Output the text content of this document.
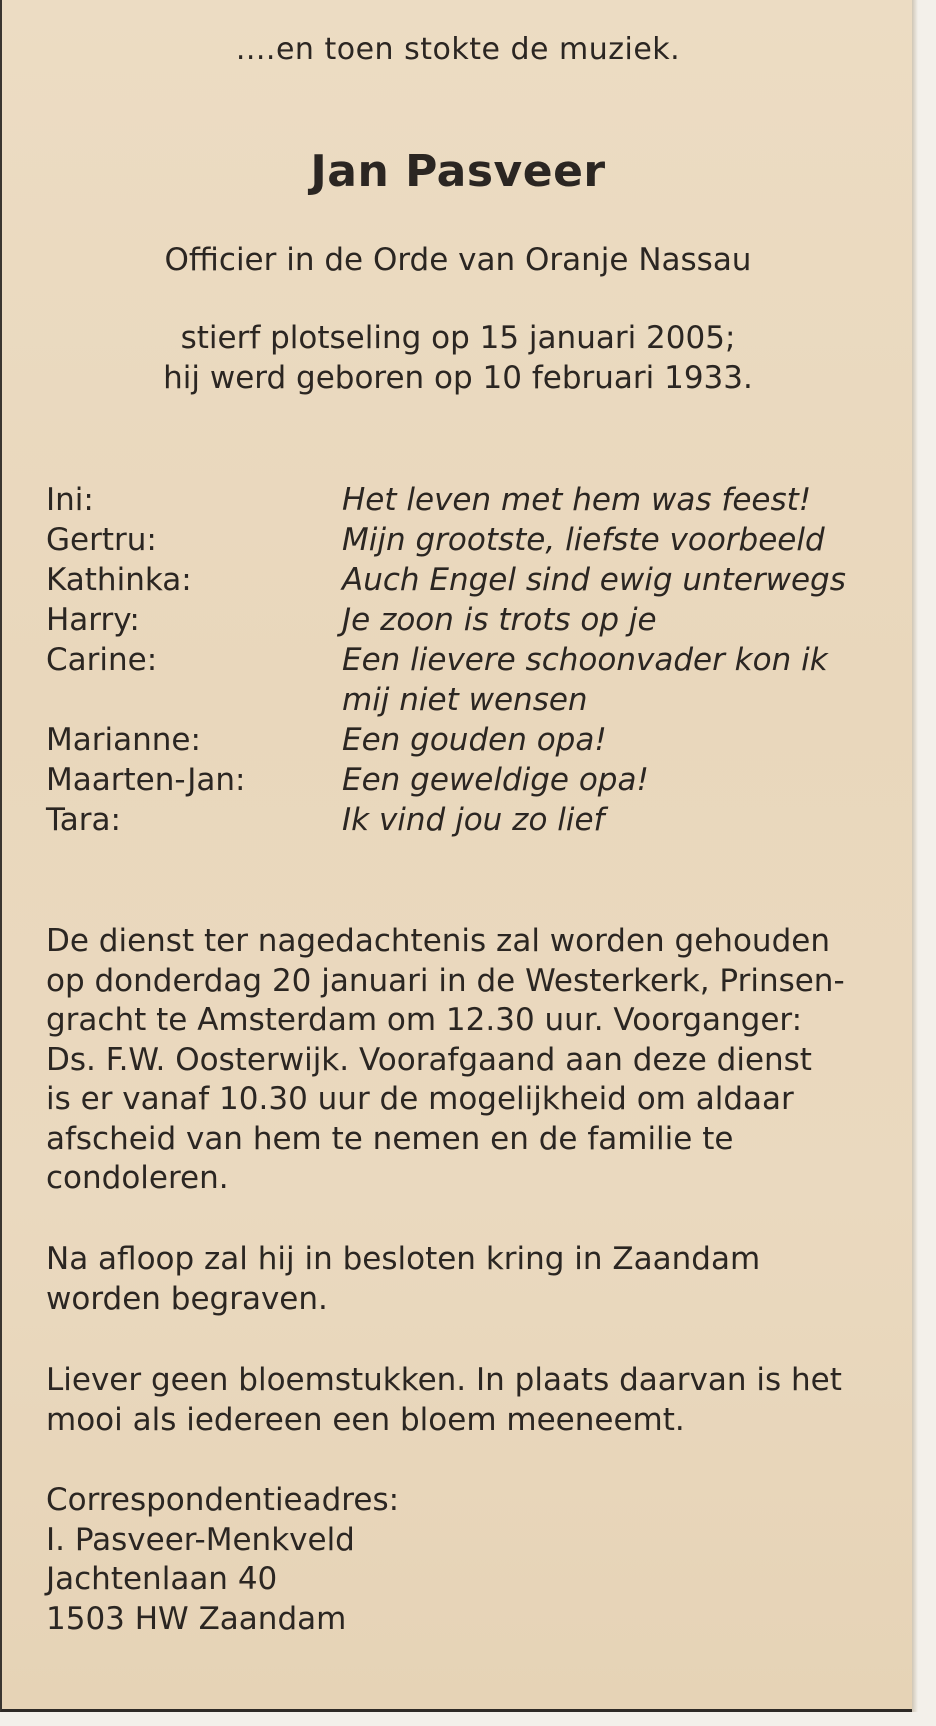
....en toen stokte de muziek.
Jan Pasveer
Officier in de Orde van Oranje Nassau
stierf plotseling op 15 januari 2005;
hij werd geboren op 10 februari 1933.
Ini:	Het leven met hem was feest!
Gertru:	Mijn grootste, liefste voorbeeld
Kathinka:	Auch Engel sind ewig unterwegs
Harry:	Je zoon is trots op je
Carine:	Een lievere schoonvader kon ik
mij niet wensen
Marianne:	Een gouden opa!
Maarten-Jan:	Een geweldige opa!
Tara:	Ik vind jou zo lief
De dienst ter nagedachtenis zal worden gehouden
op donderdag 20 januari in de Westerkerk, Prinsen-
gracht te Amsterdam om 12.30 uur. Voorganger:
Ds. F.W. Oosterwijk. Voorafgaand aan deze dienst
is er vanaf 10.30 uur de mogelijkheid om aldaar
afscheid van hem te nemen en de familie te
condoleren.
Na afloop zal hij in besloten kring in Zaandam
worden begraven.
Liever geen bloemstukken. In plaats daarvan is het
mooi als iedereen een bloem meeneemt.
Correspondentieadres:
I. Pasveer-Menkveld
Jachtenlaan 40
1503 HW Zaandam
